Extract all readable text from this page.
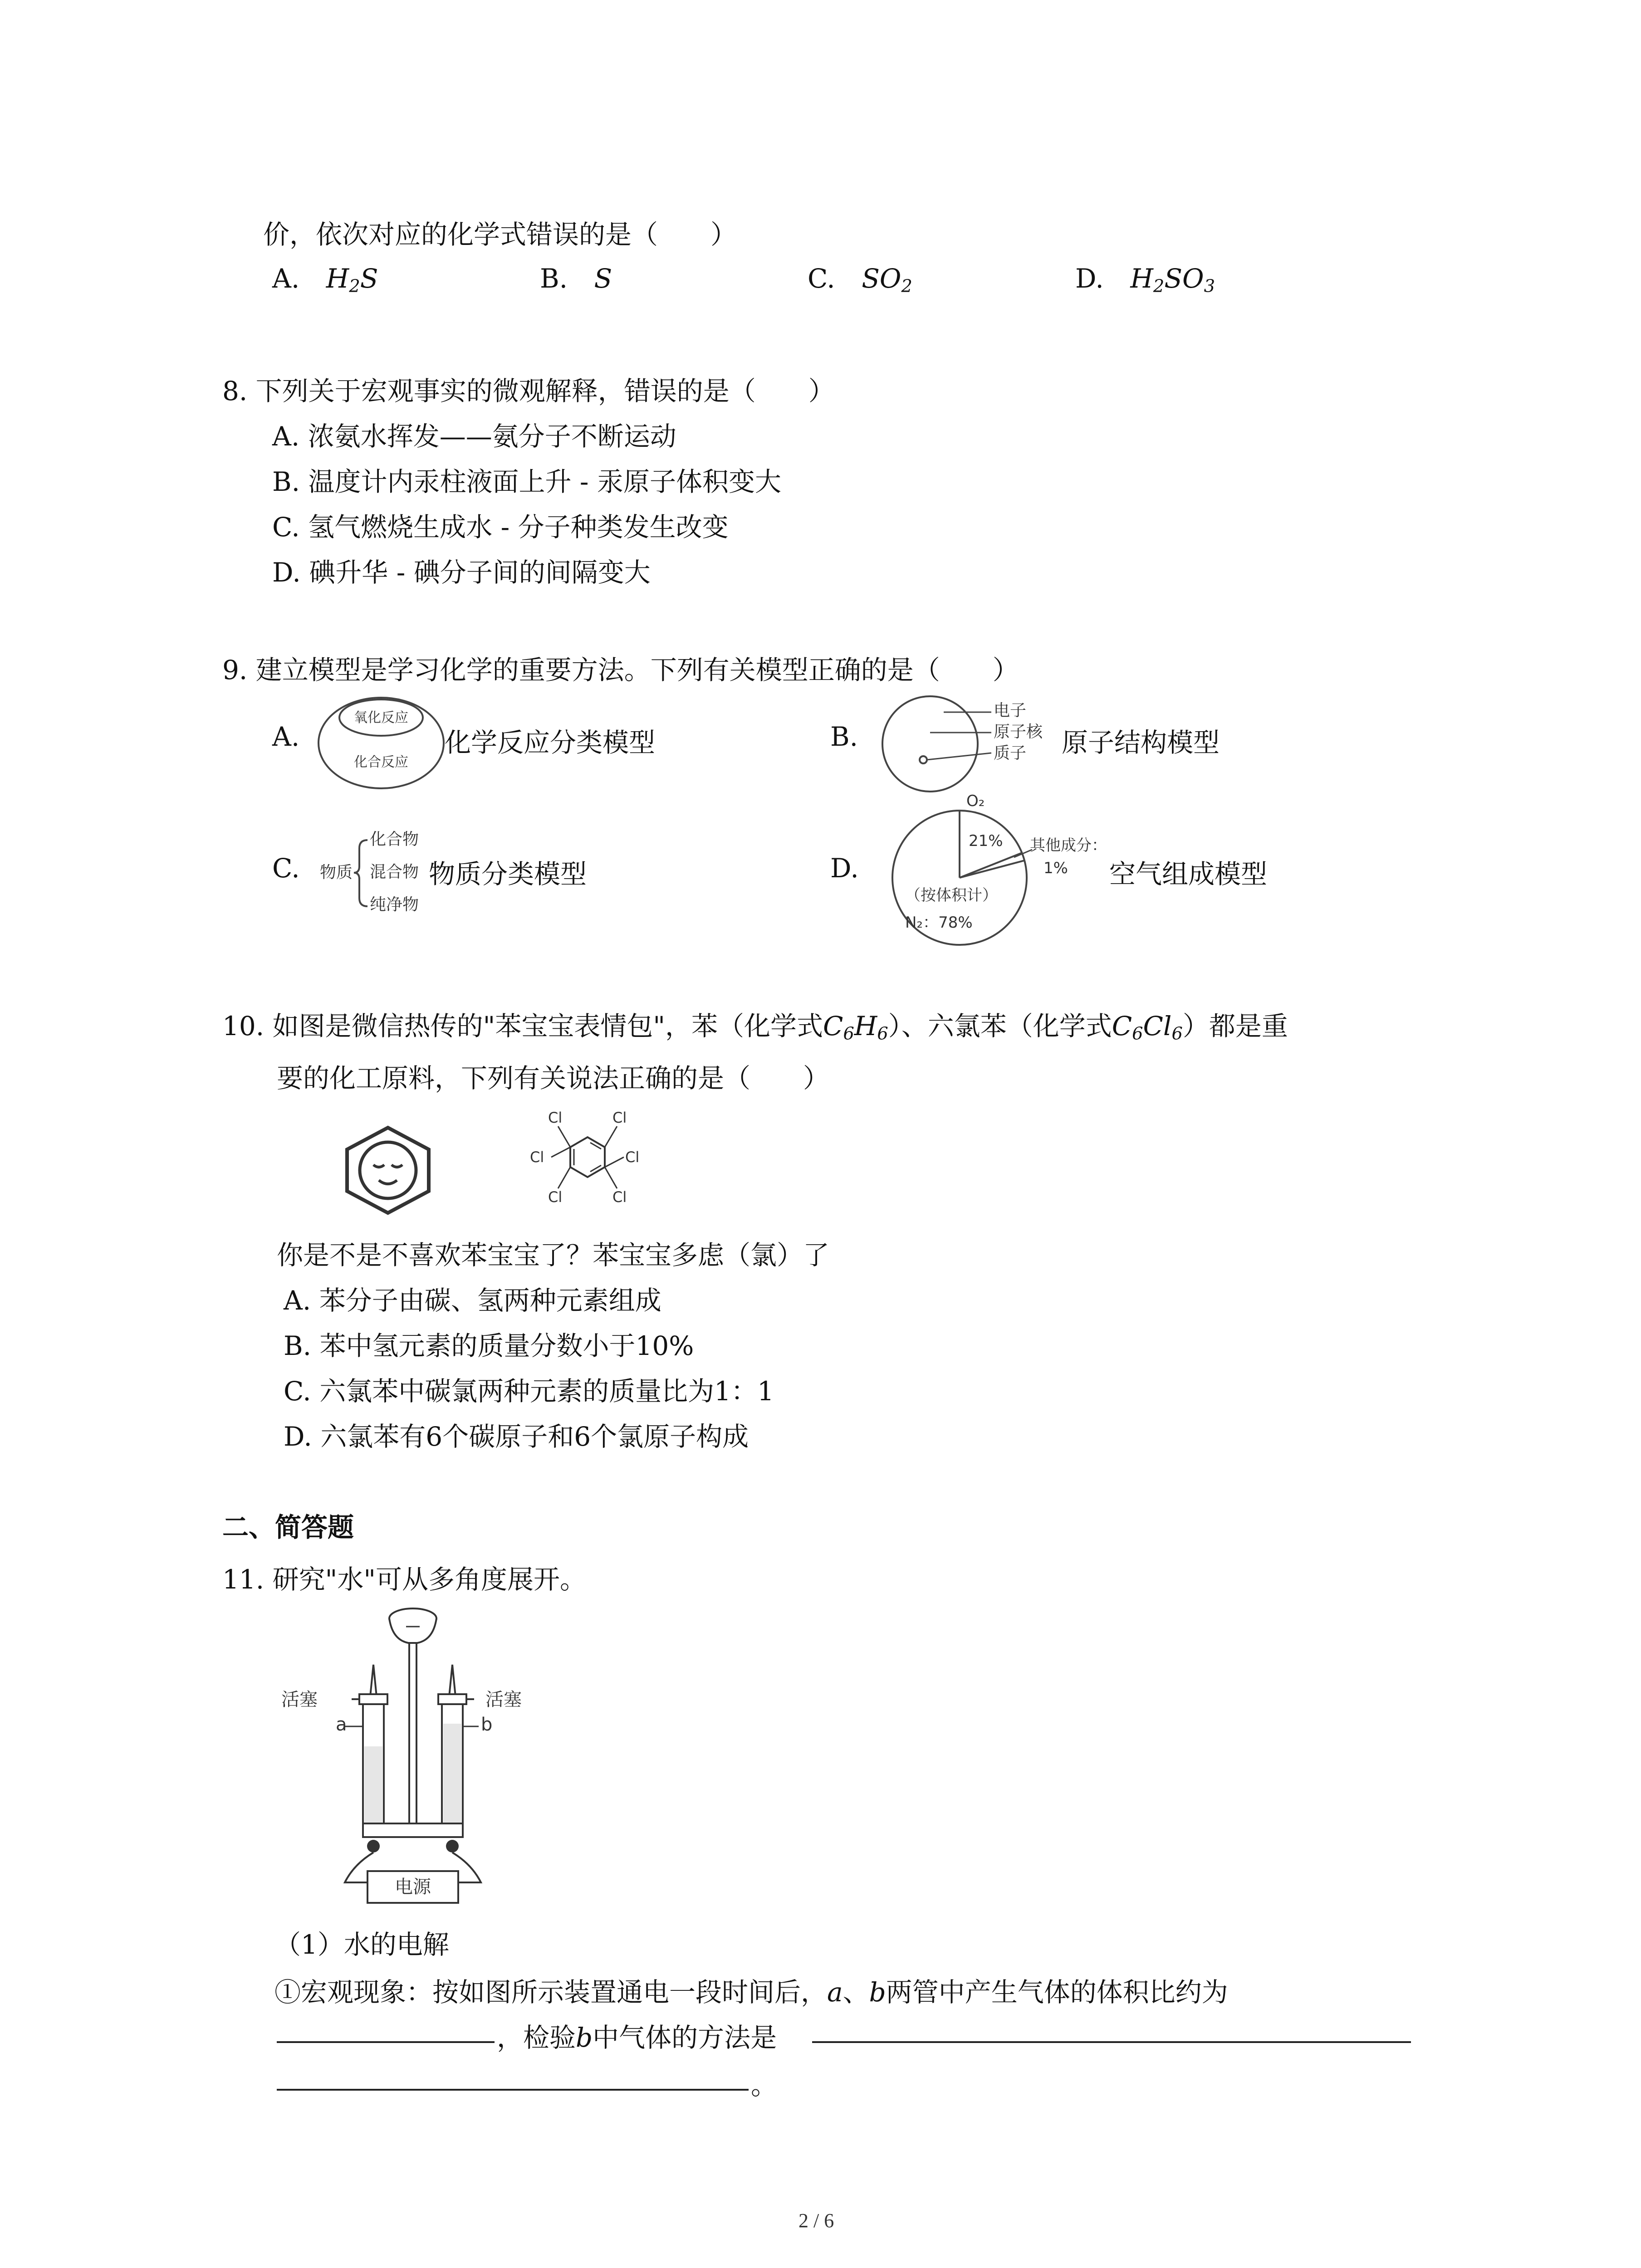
价，依次对应的化学式错误的是（　　）
A. $H_2S$	B. S	C. $SO_2$	D. $H_2SO_3$
8. 下列关于宏观事实的微观解释，错误的是（　　）
A. 浓氨水挥发——氨分子不断运动
B. 温度计内汞柱液面上升 - 汞原子体积变大
C. 氢气燃烧生成水 - 分子种类发生改变
D. 碘升华 - 碘分子间的间隔变大
9. 建立模型是学习化学的重要方法。下列有关模型正确的是（　　）
A.
氧化反应
化合反应
化学反应分类模型	B.
电子
原子核
质子 原子结构模型
C. 物质
化合物
混合物
纯净物
物质分类模型	D.
O₂
21% 其他成分：
1%
（按体积计）
N₂：78%
空气组成模型
10. 如图是微信热传的"苯宝宝表情包"，苯（化学式$C_6H_6$）、六氯苯（化学式$C_6Cl_6$）都是重
要的化工原料，下列有关说法正确的是（　　）
Cl	Cl
Cl
Cl
Cl
Cl
你是不是不喜欢苯宝宝了？苯宝宝多虑（氯）了
A. 苯分子由碳、氢两种元素组成
B. 苯中氢元素的质量分数小于10%
C. 六氯苯中碳氯两种元素的质量比为1：1
D. 六氯苯有6个碳原子和6个氯原子构成
二、简答题
11. 研究"水"可从多角度展开。
电源
活塞	活塞
a	b
（1）水的电解
①宏观现象：按如图所示装置通电一段时间后，a、b两管中产生气体的体积比约为
，检验b中气体的方法是
。
2 / 6
